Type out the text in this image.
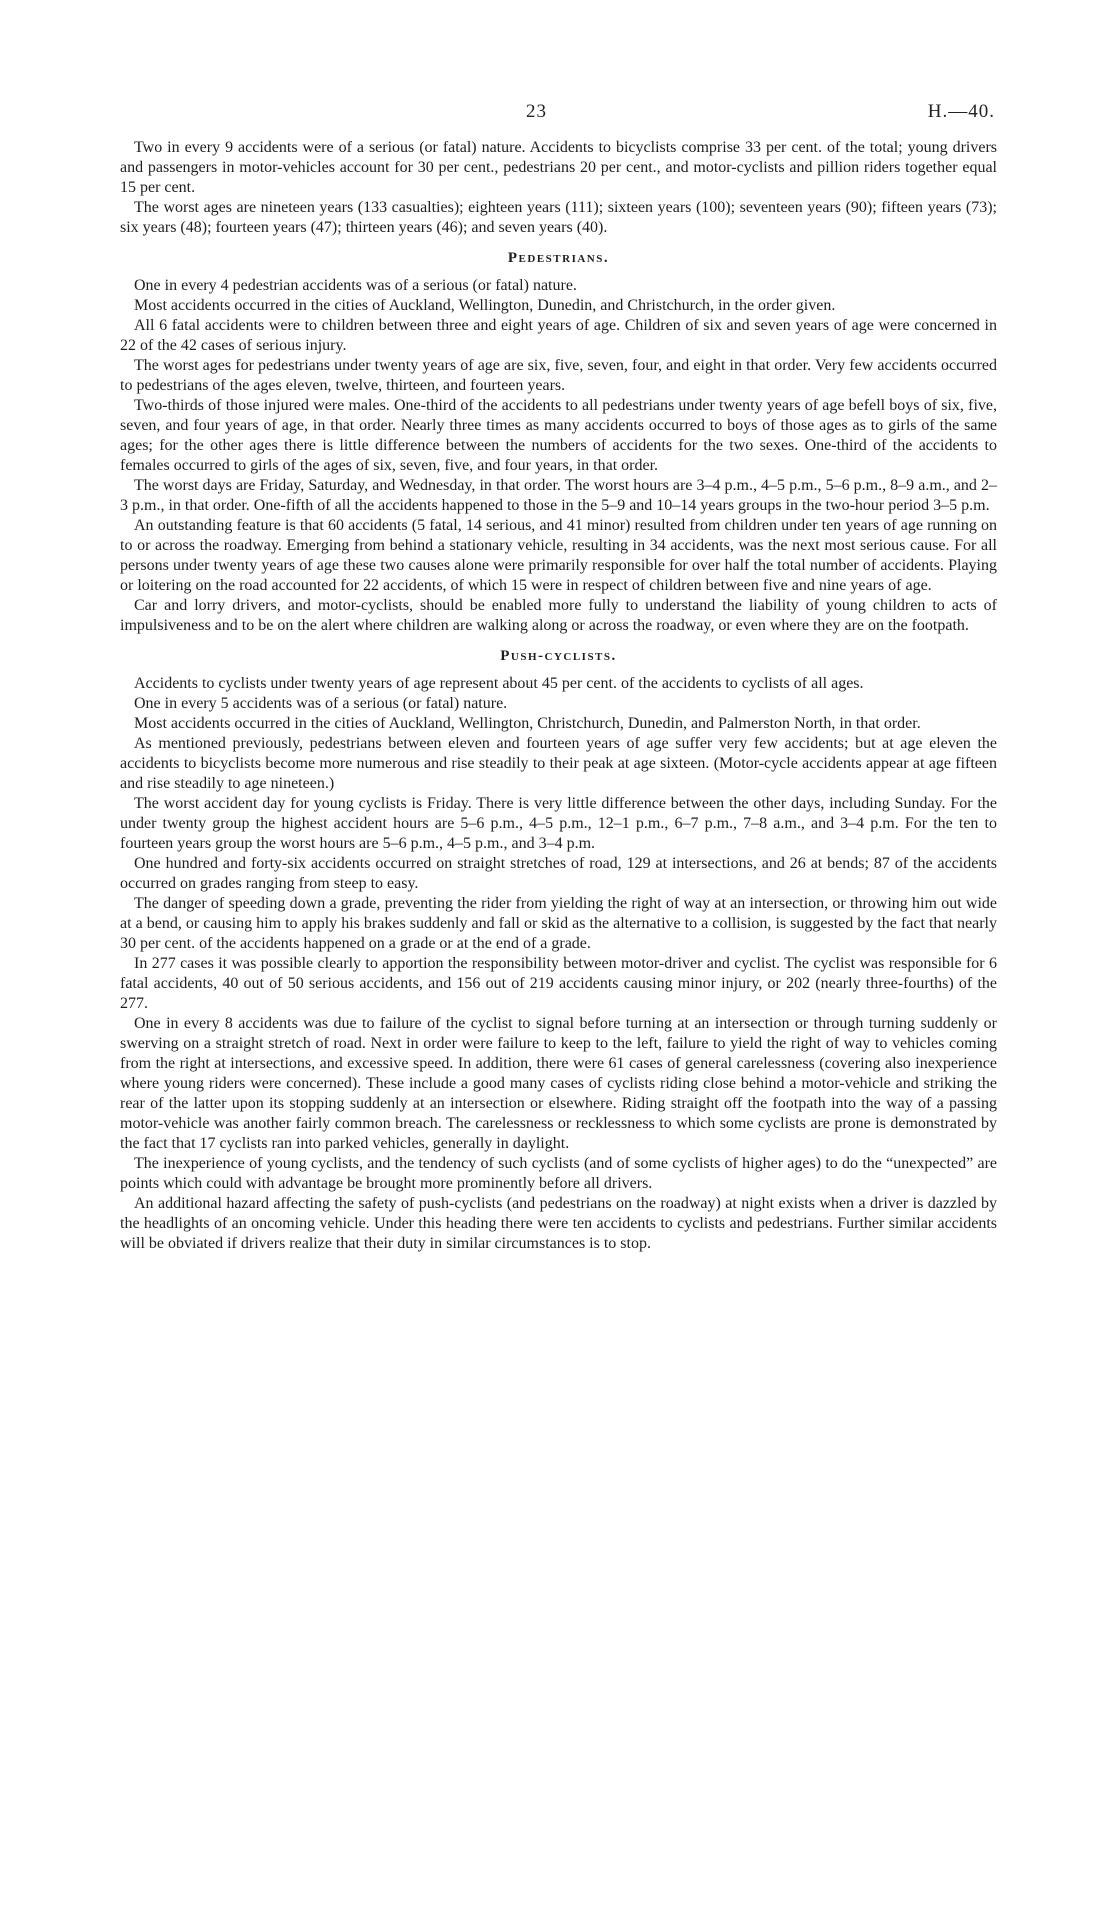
23	H.—40.

Two in every 9 accidents were of a serious (or fatal) nature. Accidents to bicyclists comprise 33 per cent. of the total; young drivers and passengers in motor-vehicles account for 30 per cent., pedestrians 20 per cent., and motor-cyclists and pillion riders together equal 15 per cent.

The worst ages are nineteen years (133 casualties); eighteen years (111); sixteen years (100); seventeen years (90); fifteen years (73); six years (48); fourteen years (47); thirteen years (46); and seven years (40).

Pedestrians.

One in every 4 pedestrian accidents was of a serious (or fatal) nature.

Most accidents occurred in the cities of Auckland, Wellington, Dunedin, and Christchurch, in the order given.

All 6 fatal accidents were to children between three and eight years of age. Children of six and seven years of age were concerned in 22 of the 42 cases of serious injury.

The worst ages for pedestrians under twenty years of age are six, five, seven, four, and eight in that order. Very few accidents occurred to pedestrians of the ages eleven, twelve, thirteen, and fourteen years.

Two-thirds of those injured were males. One-third of the accidents to all pedestrians under twenty years of age befell boys of six, five, seven, and four years of age, in that order. Nearly three times as many accidents occurred to boys of those ages as to girls of the same ages; for the other ages there is little difference between the numbers of accidents for the two sexes. One-third of the accidents to females occurred to girls of the ages of six, seven, five, and four years, in that order.

The worst days are Friday, Saturday, and Wednesday, in that order. The worst hours are 3–4 p.m., 4–5 p.m., 5–6 p.m., 8–9 a.m., and 2–3 p.m., in that order. One-fifth of all the accidents happened to those in the 5–9 and 10–14 years groups in the two-hour period 3–5 p.m.

An outstanding feature is that 60 accidents (5 fatal, 14 serious, and 41 minor) resulted from children under ten years of age running on to or across the roadway. Emerging from behind a stationary vehicle, resulting in 34 accidents, was the next most serious cause. For all persons under twenty years of age these two causes alone were primarily responsible for over half the total number of accidents. Playing or loitering on the road accounted for 22 accidents, of which 15 were in respect of children between five and nine years of age.

Car and lorry drivers, and motor-cyclists, should be enabled more fully to understand the liability of young children to acts of impulsiveness and to be on the alert where children are walking along or across the roadway, or even where they are on the footpath.

Push-cyclists.

Accidents to cyclists under twenty years of age represent about 45 per cent. of the accidents to cyclists of all ages.

One in every 5 accidents was of a serious (or fatal) nature.

Most accidents occurred in the cities of Auckland, Wellington, Christchurch, Dunedin, and Palmerston North, in that order.

As mentioned previously, pedestrians between eleven and fourteen years of age suffer very few accidents; but at age eleven the accidents to bicyclists become more numerous and rise steadily to their peak at age sixteen. (Motor-cycle accidents appear at age fifteen and rise steadily to age nineteen.)

The worst accident day for young cyclists is Friday. There is very little difference between the other days, including Sunday. For the under twenty group the highest accident hours are 5–6 p.m., 4–5 p.m., 12–1 p.m., 6–7 p.m., 7–8 a.m., and 3–4 p.m. For the ten to fourteen years group the worst hours are 5–6 p.m., 4–5 p.m., and 3–4 p.m.

One hundred and forty-six accidents occurred on straight stretches of road, 129 at intersections, and 26 at bends; 87 of the accidents occurred on grades ranging from steep to easy.

The danger of speeding down a grade, preventing the rider from yielding the right of way at an intersection, or throwing him out wide at a bend, or causing him to apply his brakes suddenly and fall or skid as the alternative to a collision, is suggested by the fact that nearly 30 per cent. of the accidents happened on a grade or at the end of a grade.

In 277 cases it was possible clearly to apportion the responsibility between motor-driver and cyclist. The cyclist was responsible for 6 fatal accidents, 40 out of 50 serious accidents, and 156 out of 219 accidents causing minor injury, or 202 (nearly three-fourths) of the 277.

One in every 8 accidents was due to failure of the cyclist to signal before turning at an intersection or through turning suddenly or swerving on a straight stretch of road. Next in order were failure to keep to the left, failure to yield the right of way to vehicles coming from the right at intersections, and excessive speed. In addition, there were 61 cases of general carelessness (covering also inexperience where young riders were concerned). These include a good many cases of cyclists riding close behind a motor-vehicle and striking the rear of the latter upon its stopping suddenly at an intersection or elsewhere. Riding straight off the footpath into the way of a passing motor-vehicle was another fairly common breach. The carelessness or recklessness to which some cyclists are prone is demonstrated by the fact that 17 cyclists ran into parked vehicles, generally in daylight.

The inexperience of young cyclists, and the tendency of such cyclists (and of some cyclists of higher ages) to do the “unexpected” are points which could with advantage be brought more prominently before all drivers.

An additional hazard affecting the safety of push-cyclists (and pedestrians on the roadway) at night exists when a driver is dazzled by the headlights of an oncoming vehicle. Under this heading there were ten accidents to cyclists and pedestrians. Further similar accidents will be obviated if drivers realize that their duty in similar circumstances is to stop.
